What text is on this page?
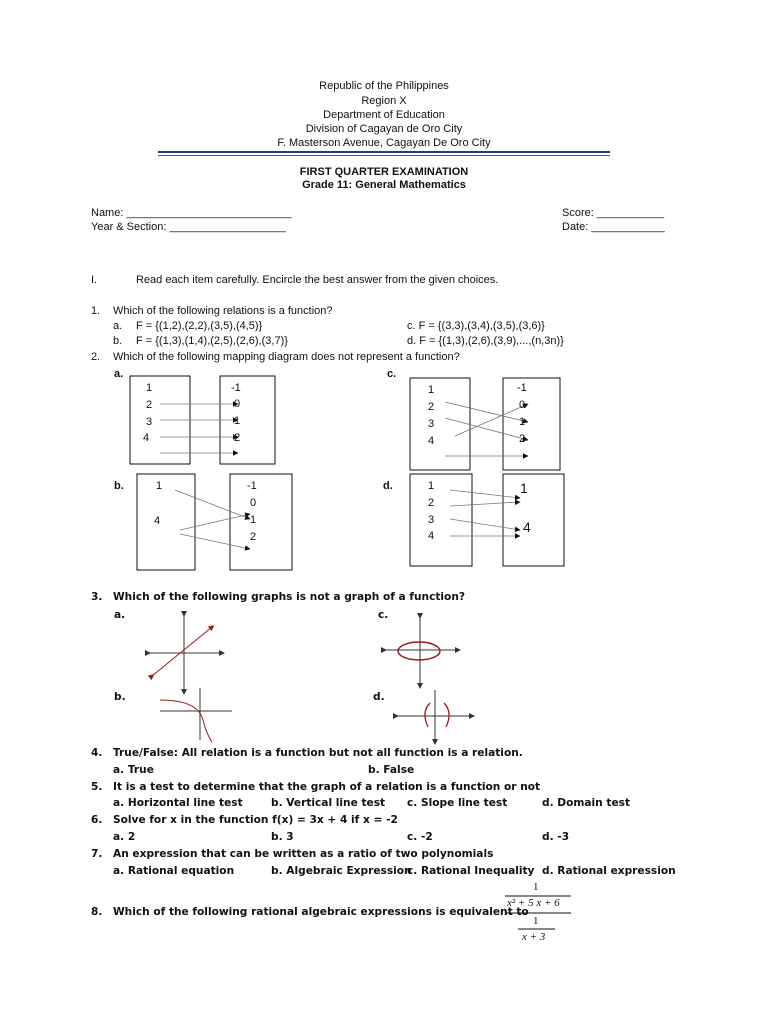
Republic of the Philippines
Region X
Department of Education
Division of Cagayan de Oro City
F. Masterson Avenue, Cagayan De Oro City
FIRST QUARTER EXAMINATION
Grade 11: General Mathematics
Name: ___________________________
Year & Section: ___________________
Score: ___________
Date: ____________
I.	Read each item carefully. Encircle the best answer from the given choices.
1. Which of the following relations is a function?
a. F = {(1,2),(2,2),(3,5),(4,5)}
b. F = {(1,3),(1,4),(2,5),(2,6),(3,7)}
c. F = {(3,3),(3,4),(3,5),(3,6)}
d. F = {(1,3),(2,6),(3,9),...,(n,3n)}
2. Which of the following mapping diagram does not represent a function?
a.	c.
b.	d.
1
2
3
4
-1
0
1
2
1
2
3
4
-1
0
1
2
1
4
-1
0
1
2
1
2
3
4
1
4
3. Which of the following graphs is not a graph of a function?
a.	c.
b.	d.
4. True/False: All relation is a function but not all function is a relation.
a. True	b. False
5. It is a test to determine that the graph of a relation is a function or not
a. Horizontal line test	b. Vertical line test c. Slope line test	d. Domain test
6. Solve for x in the function f(x) = 3x + 4 if x = -2
a. 2	b. 3	c. -2	d. -3
7. An expression that can be written as a ratio of two polynomials
a. Rational equation	b. Algebraic Expression
c. Rational Inequality d. Rational expression
8. Which of the following rational algebraic expressions is equivalent to
1
x² + 5 x + 6
1
x + 3
